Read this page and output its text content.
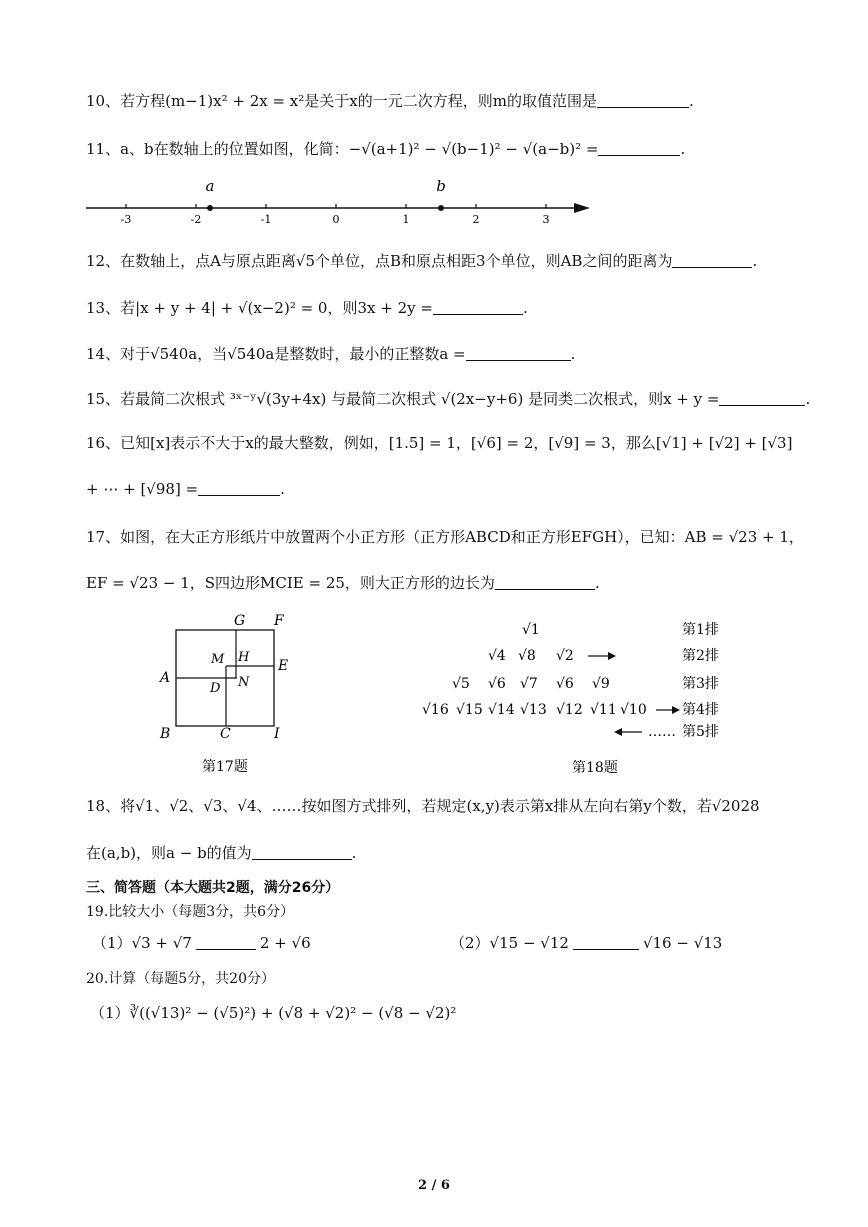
10、若方程(m−1)x² + 2x = x²是关于x的一元二次方程，则m的取值范围是	.
11、a、b在数轴上的位置如图，化简：−√(a+1)² − √(b−1)² − √(a−b)² =	.
-3	-2	-1	0	1	2	3
a	b
12、在数轴上，点A与原点距离√5个单位，点B和原点相距3个单位，则AB之间的距离为	.
13、若|x + y + 4| + √(x−2)² = 0，则3x + 2y =	.
14、对于√540a，当√540a是整数时，最小的正整数a =	.
15、若最简二次根式 ³ˣ⁻ʸ√(3y+4x) 与最简二次根式 √(2x−y+6) 是同类二次根式，则x + y =	.
16、已知[x]表示不大于x的最大整数，例如，[1.5] = 1，[√6] = 2，[√9] = 3，那么[√1] + [√2] + [√3]
+ ⋯ + [√98] =	.
17、如图，在大正方形纸片中放置两个小正方形（正方形ABCD和正方形EFGH），已知：AB = √23 + 1，
EF = √23 − 1，S四边形MCIE = 25，则大正方形的边长为	.
G F
M H
E
A
D N
B	C	I
第17题
√1	第1排
√4 √8 √2	第2排
√5 √6 √7 √6 √9	第3排
√16 √15 √14 √13 √12 √11 √10	第4排
…… 第5排
第18题
18、将√1、√2、√3、√4、……按如图方式排列，若规定(x,y)表示第x排从左向右第y个数，若√2028
在(a,b)，则a − b的值为	.
三、简答题（本大题共2题，满分26分）
19.比较大小（每题3分，共6分）
（1）√3 + √7	2 + √6	（2）√15 − √12	√16 − √13
20.计算（每题5分，共20分）
（1）∛((√13)² − (√5)²) + (√8 + √2)² − (√8 − √2)²
2 / 6
